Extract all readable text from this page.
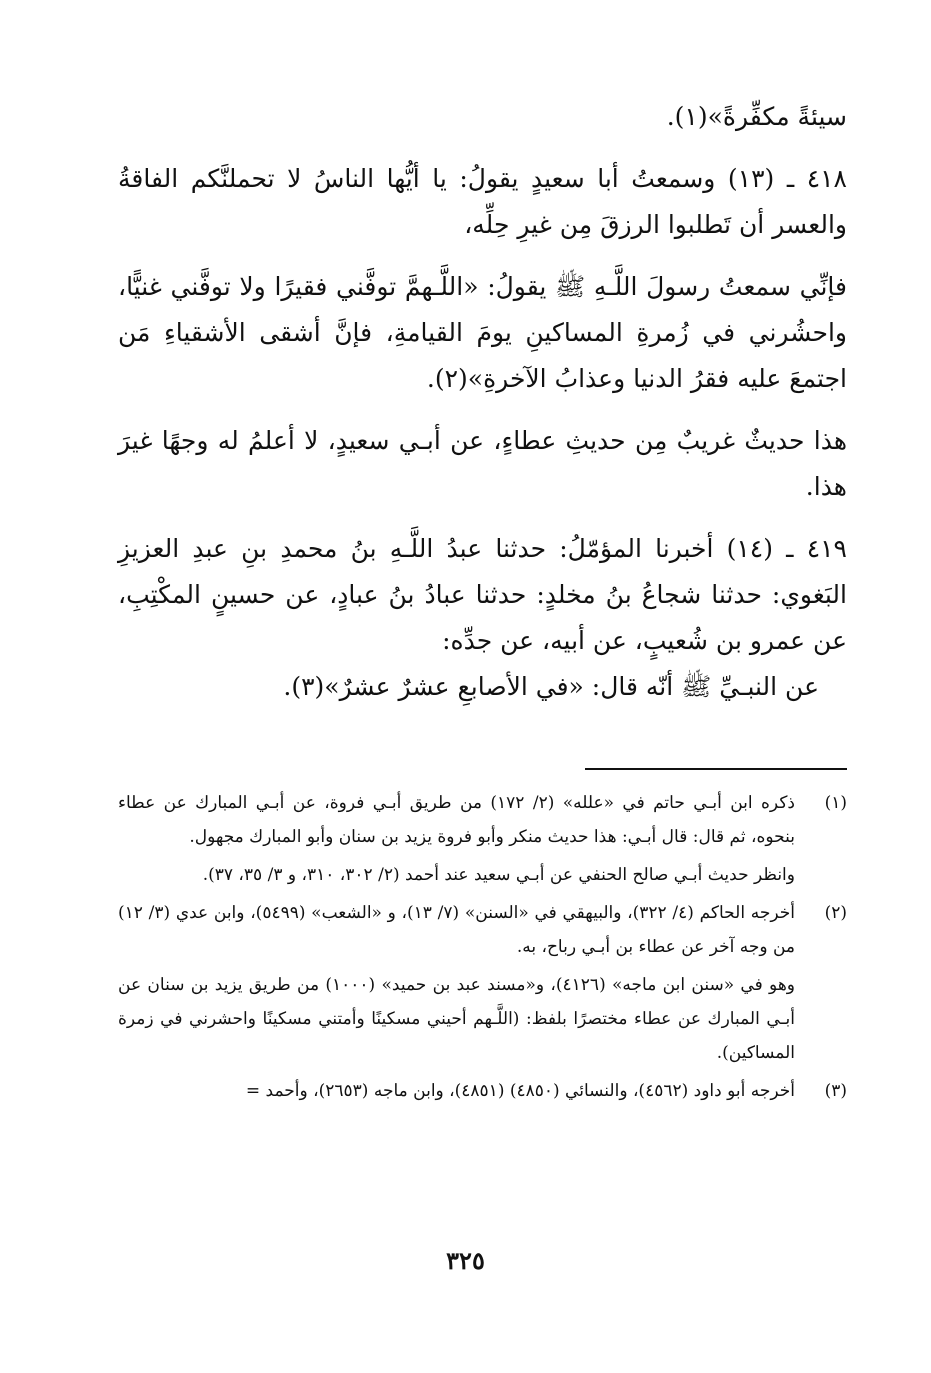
سيئةً مكفِّرةً»(١).

٤١٨ ـ (١٣) وسمعتُ أبا سعيدٍ يقولُ: يا أيُّها الناسُ لا تحملنَّكم الفاقةُ والعسر أن تَطلبوا الرزقَ مِن غيرِ حِلِّه،

فإنِّي سمعتُ رسولَ اللَّـهِ ﷺ يقولُ: «اللَّـهمَّ توفَّني فقيرًا ولا توفَّني غنيًّا، واحشُرني في زُمرةِ المساكينِ يومَ القيامةِ، فإنَّ أشقى الأشقياءِ مَن اجتمعَ عليه فقرُ الدنيا وعذابُ الآخرةِ»(٢).

هذا حديثٌ غريبٌ مِن حديثِ عطاءٍ، عن أبـي سعيدٍ، لا أعلمُ له وجهًا غيرَ هذا.

٤١٩ ـ (١٤) أخبرنا المؤمّلُ: حدثنا عبدُ اللَّـهِ بنُ محمدِ بنِ عبدِ العزيزِ البَغوي: حدثنا شجاعُ بنُ مخلدٍ: حدثنا عبادُ بنُ عبادٍ، عن حسينٍ المكْتِبِ، عن عمرو بن شُعيبٍ، عن أبيه، عن جدِّه:

عن النبـيِّ ﷺ أنّه قال: «في الأصابعِ عشرٌ عشرٌ»(٣).

(١)

ذكره ابن أبـي حاتم في «علله» (٢/ ١٧٢) من طريق أبـي فروة، عن أبـي المبارك عن عطاء بنحوه، ثم قال: قال أبـي: هذا حديث منكر وأبو فروة يزيد بن سنان وأبو المبارك مجهول.

وانظر حديث أبـي صالح الحنفي عن أبـي سعيد عند أحمد (٢/ ٣٠٢، ٣١٠، و ٣/ ٣٥، ٣٧).

(٢)

أخرجه الحاكم (٤/ ٣٢٢)، والبيهقي في «السنن» (٧/ ١٣)، و «الشعب» (٥٤٩٩)، وابن عدي (٣/ ١٢) من وجه آخر عن عطاء بن أبـي رباح، به.

وهو في «سنن ابن ماجه» (٤١٢٦)، و«مسند عبد بن حميد» (١٠٠٠) من طريق يزيد بن سنان عن أبـي المبارك عن عطاء مختصرًا بلفظ: (اللَّـهم أحيني مسكينًا وأمتني مسكينًا واحشرني في زمرة المساكين).

(٣)

أخرجه أبو داود (٤٥٦٢)، والنسائي (٤٨٥٠) (٤٨٥١)، وابن ماجه (٢٦٥٣)، وأحمد =

٣٢٥
